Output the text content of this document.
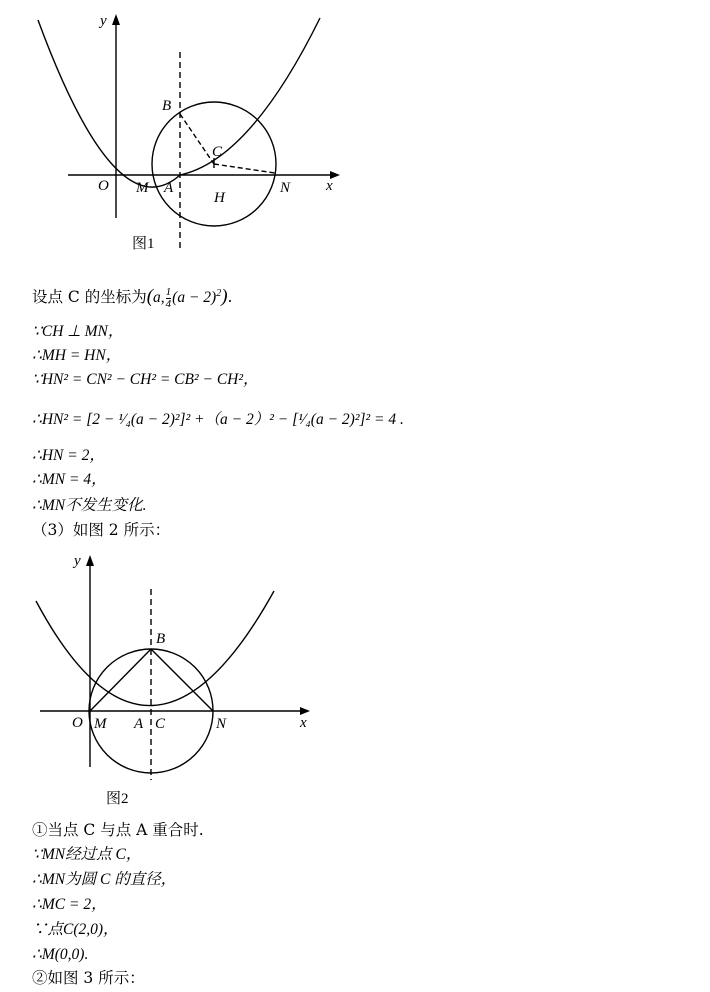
y
x
O M A	N
B
C
H
图1
设点 C 的坐标为(a, $\frac{1}{4} (a - 2)^2$).
∵CH ⊥ MN，
∴MH = HN，
∵HN² = CN² − CH² = CB² − CH²，
∴HN² = [2 − ¹⁄₄(a − 2)²]² +（a − 2）² − [¹⁄₄(a − 2)²]² = 4 .
∴HN = 2，
∴MN = 4，
∴MN不发生变化.
（3）如图 2 所示：
y
x
O M A C	N
B
图2
①当点 C 与点 A 重合时.
∵MN经过点 C，
∴MN为圆 C 的直径，
∴MC = 2，
∵点C(2,0)，
∴M(0,0).
②如图 3 所示：
